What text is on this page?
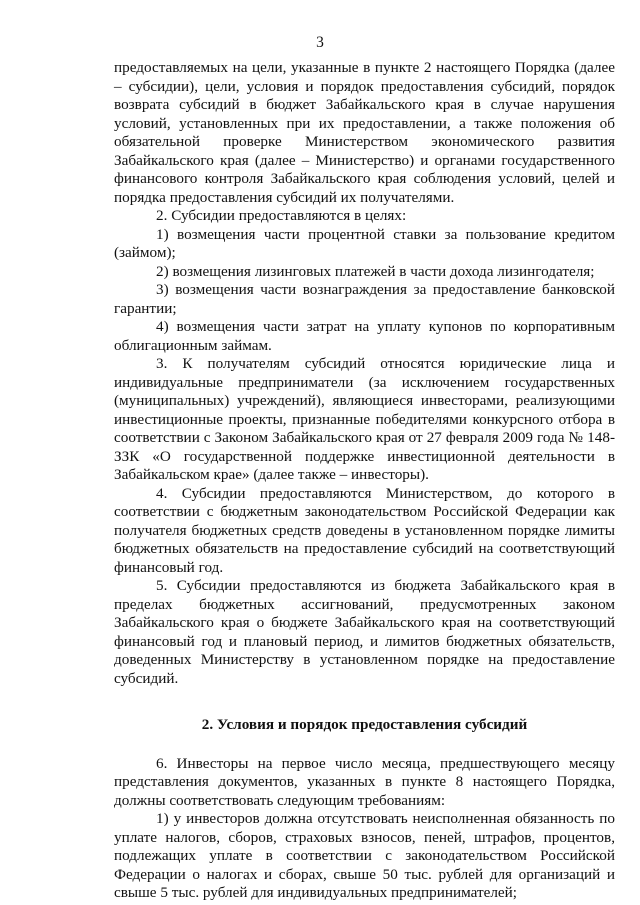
3

предоставляемых на цели, указанные в пункте 2 настоящего Порядка (далее – субсидии), цели, условия и порядок предоставления субсидий, порядок возврата субсидий в бюджет Забайкальского края в случае нарушения условий, установленных при их предоставлении, а также положения об обязательной проверке Министерством экономического развития Забайкальского края (далее – Министерство) и органами государственного финансового контроля Забайкальского края соблюдения условий, целей и порядка предоставления субсидий их получателями.

2. Субсидии предоставляются в целях:

1) возмещения части процентной ставки за пользование кредитом (займом);

2) возмещения лизинговых платежей в части дохода лизингодателя;

3) возмещения части вознаграждения за предоставление банковской гарантии;

4) возмещения части затрат на уплату купонов по корпоративным облигационным займам.

3. К получателям субсидий относятся юридические лица и индивидуальные предприниматели (за исключением государственных (муниципальных) учреждений), являющиеся инвесторами, реализующими инвестиционные проекты, признанные победителями конкурсного отбора в соответствии с Законом Забайкальского края от 27 февраля 2009 года № 148-ЗЗК «О государственной поддержке инвестиционной деятельности в Забайкальском крае» (далее также – инвесторы).

4. Субсидии предоставляются Министерством, до которого в соответствии с бюджетным законодательством Российской Федерации как получателя бюджетных средств доведены в установленном порядке лимиты бюджетных обязательств на предоставление субсидий на соответствующий финансовый год.

5. Субсидии предоставляются из бюджета Забайкальского края в пределах бюджетных ассигнований, предусмотренных законом Забайкальского края о бюджете Забайкальского края на соответствующий финансовый год и плановый период, и лимитов бюджетных обязательств, доведенных Министерству в установленном порядке на предоставление субсидий.

2. Условия и порядок предоставления субсидий

6. Инвесторы на первое число месяца, предшествующего месяцу представления документов, указанных в пункте 8 настоящего Порядка, должны соответствовать следующим требованиям:

1) у инвесторов должна отсутствовать неисполненная обязанность по уплате налогов, сборов, страховых взносов, пеней, штрафов, процентов, подлежащих уплате в соответствии с законодательством Российской Федерации о налогах и сборах, свыше 50 тыс. рублей для организаций и свыше 5 тыс. рублей для индивидуальных предпринимателей;
